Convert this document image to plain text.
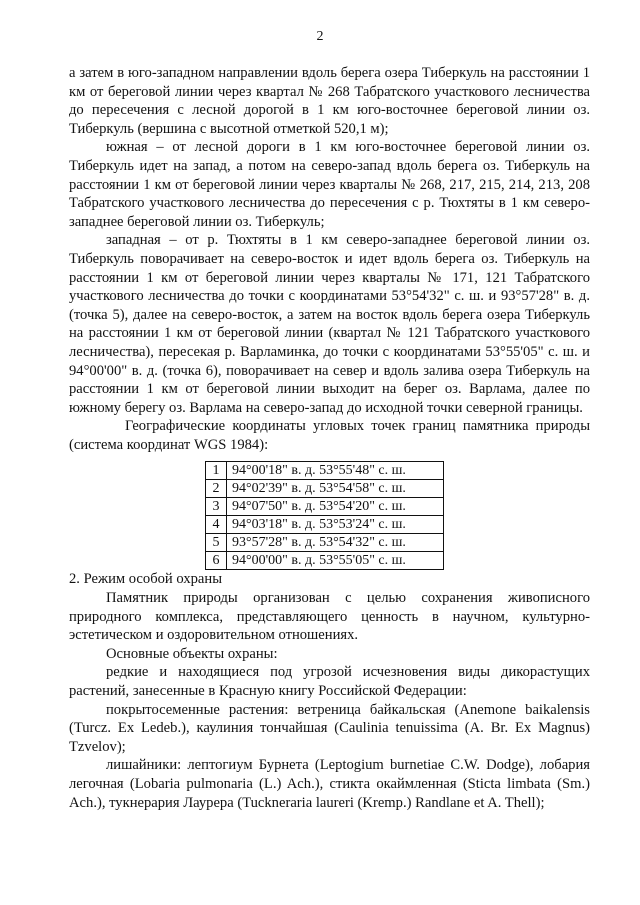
2

а затем в юго-западном направлении вдоль берега озера Тиберкуль на расстоянии 1 км от береговой линии через квартал № 268 Табратского участкового лесничества до пересечения с лесной дорогой в 1 км юго-восточнее береговой линии оз. Тиберкуль (вершина с высотной отметкой 520,1 м);

южная – от лесной дороги в 1 км юго-восточнее береговой линии оз. Тиберкуль идет на запад, а потом на северо-запад вдоль берега оз. Тиберкуль на расстоянии 1 км от береговой линии через кварталы № 268, 217, 215, 214, 213, 208 Табратского участкового лесничества до пересечения с р. Тюхтяты в 1 км северо-западнее береговой линии оз. Тиберкуль;

западная – от р. Тюхтяты в 1 км северо-западнее береговой линии оз. Тиберкуль поворачивает на северо-восток и идет вдоль берега оз. Тиберкуль на расстоянии 1 км от береговой линии через кварталы № 171, 121 Табратского участкового лесничества до точки с координатами 53°54'32" с. ш. и 93°57'28" в. д. (точка 5), далее на северо-восток, а затем на восток вдоль берега озера Тиберкуль на расстоянии 1 км от береговой линии (квартал № 121 Табратского участкового лесничества), пересекая р. Варламинка, до точки с координатами 53°55'05" с. ш. и 94°00'00" в. д. (точка 6), поворачивает на север и вдоль залива озера Тиберкуль на расстоянии 1 км от береговой линии выходит на берег оз. Варлама, далее по южному берегу оз. Варлама на северо-запад до исходной точки северной границы.

Географические координаты угловых точек границ памятника природы (система координат WGS 1984):

1	94°00'18" в. д. 53°55'48" с. ш.
2	94°02'39" в. д. 53°54'58" с. ш.
3	94°07'50" в. д. 53°54'20" с. ш.
4	94°03'18" в. д. 53°53'24" с. ш.
5	93°57'28" в. д. 53°54'32" с. ш.
6	94°00'00" в. д. 53°55'05" с. ш.

2. Режим особой охраны

Памятник природы организован с целью сохранения живописного природного комплекса, представляющего ценность в научном, культурно-эстетическом и оздоровительном отношениях.

Основные объекты охраны:

редкие и находящиеся под угрозой исчезновения виды дикорастущих растений, занесенные в Красную книгу Российской Федерации:

покрытосеменные растения: ветреница байкальская (Anemone baikalensis (Turcz. Ex Ledeb.), каулиния тончайшая (Caulinia tenuissima (A. Br. Ex Magnus) Tzvelov);

лишайники: лептогиум Бурнета (Leptogium burnetiae C.W. Dodge), лобария легочная (Lobaria pulmonaria (L.) Ach.), стикта окаймленная (Sticta limbata (Sm.) Ach.), тукнерария Лаурера (Tuckneraria laureri (Kremp.) Randlane et A. Thell);
